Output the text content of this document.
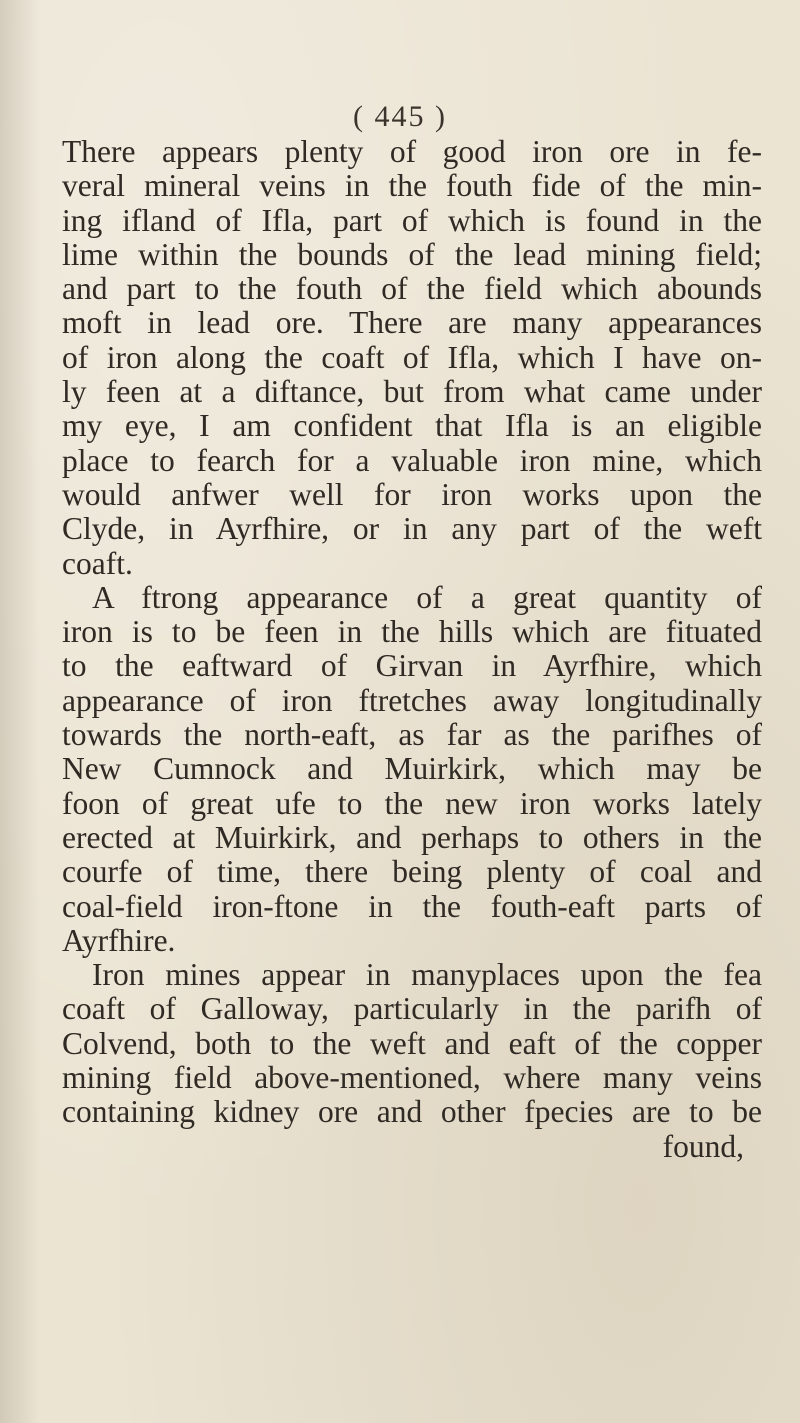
( 445 )
There appears plenty of good iron ore in fe-
veral mineral veins in the fouth fide of the min-
ing ifland of Ifla, part of which is found in the
lime within the bounds of the lead mining field;
and part to the fouth of the field which abounds
moft in lead ore. There are many appearances
of iron along the coaft of Ifla, which I have on-
ly feen at a diftance, but from what came under
my eye, I am confident that Ifla is an eligible
place to fearch for a valuable iron mine, which
would anfwer well for iron works upon the
Clyde, in Ayrfhire, or in any part of the weft
coaft.
A ftrong appearance of a great quantity of
iron is to be feen in the hills which are fituated
to the eaftward of Girvan in Ayrfhire, which
appearance of iron ftretches away longitudinally
towards the north-eaft, as far as the parifhes of
New Cumnock and Muirkirk, which may be
foon of great ufe to the new iron works lately
erected at Muirkirk, and perhaps to others in the
courfe of time, there being plenty of coal and
coal-field iron-ftone in the fouth-eaft parts of
Ayrfhire.
Iron mines appear in manyplaces upon the fea
coaft of Galloway, particularly in the parifh of
Colvend, both to the weft and eaft of the copper
mining field above-mentioned, where many veins
containing kidney ore and other fpecies are to be
found,
